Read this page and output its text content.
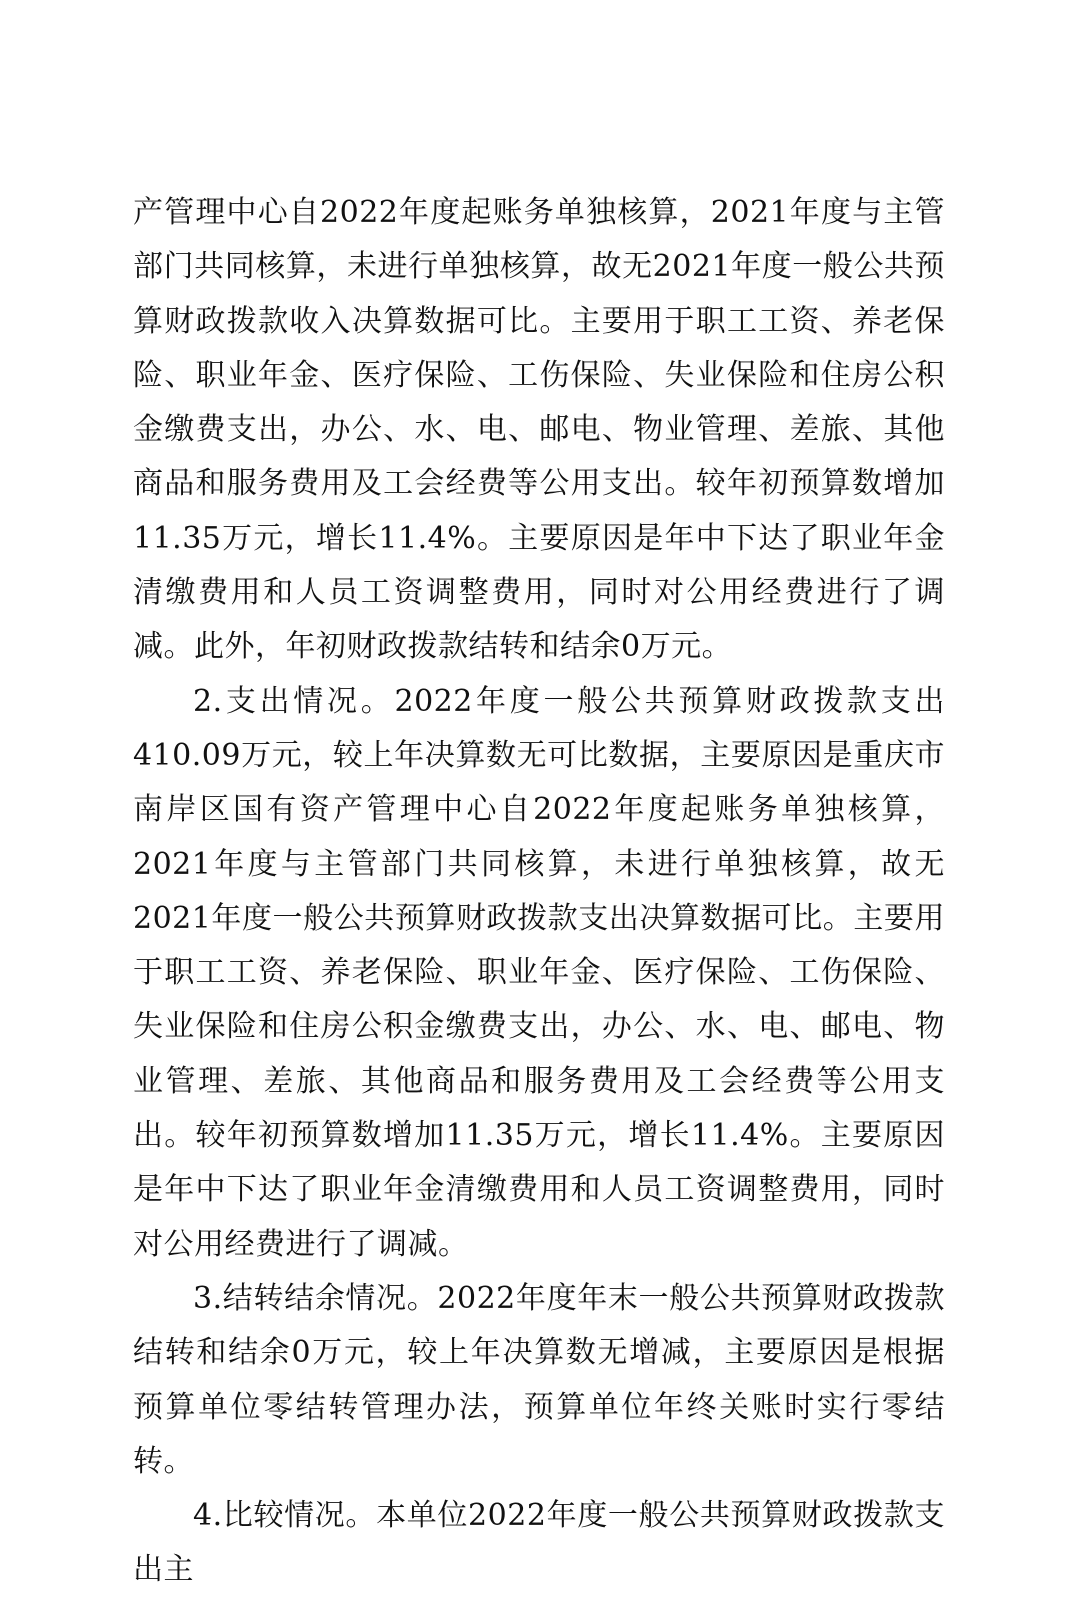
产管理中心自2022年度起账务单独核算，2021年度与主管部门共同核算，未进行单独核算，故无2021年度一般公共预算财政拨款收入决算数据可比。主要用于职工工资、养老保险、职业年金、医疗保险、工伤保险、失业保险和住房公积金缴费支出，办公、水、电、邮电、物业管理、差旅、其他商品和服务费用及工会经费等公用支出。较年初预算数增加11.35万元，增长11.4%。主要原因是年中下达了职业年金清缴费用和人员工资调整费用，同时对公用经费进行了调减。此外，年初财政拨款结转和结余0万元。

2.支出情况。2022年度一般公共预算财政拨款支出410.09万元，较上年决算数无可比数据，主要原因是重庆市南岸区国有资产管理中心自2022年度起账务单独核算，2021年度与主管部门共同核算，未进行单独核算，故无2021年度一般公共预算财政拨款支出决算数据可比。主要用于职工工资、养老保险、职业年金、医疗保险、工伤保险、失业保险和住房公积金缴费支出，办公、水、电、邮电、物业管理、差旅、其他商品和服务费用及工会经费等公用支出。较年初预算数增加11.35万元，增长11.4%。主要原因是年中下达了职业年金清缴费用和人员工资调整费用，同时对公用经费进行了调减。

3.结转结余情况。2022年度年末一般公共预算财政拨款结转和结余0万元，较上年决算数无增减，主要原因是根据预算单位零结转管理办法，预算单位年终关账时实行零结转。

4.比较情况。本单位2022年度一般公共预算财政拨款支出主
